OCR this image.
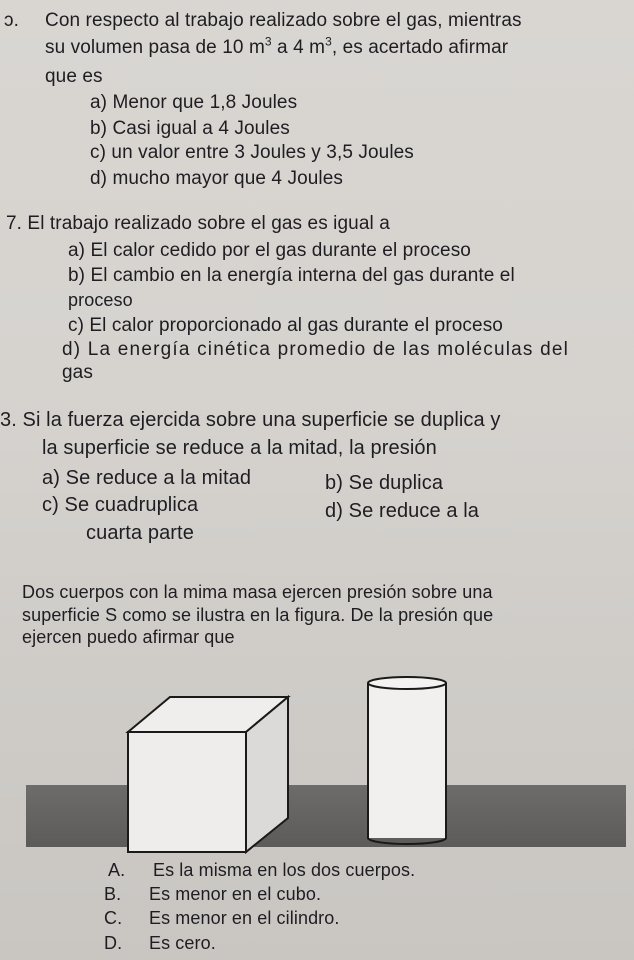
ɔ. Con respecto al trabajo realizado sobre el gas, mientras
su volumen pasa de 10 $m^3$ a 4 $m^3$, es acertado afirmar
que es
a) Menor que 1,8 Joules
b) Casi igual a 4 Joules
c) un valor entre 3 Joules y 3,5 Joules
d) mucho mayor que 4 Joules
7. El trabajo realizado sobre el gas es igual a
a) El calor cedido por el gas durante el proceso
b) El cambio en la energía interna del gas durante el
proceso
c) El calor proporcionado al gas durante el proceso
d) La energía cinética promedio de las moléculas del
gas
3. Si la fuerza ejercida sobre una superficie se duplica y
la superficie se reduce a la mitad, la presión
a) Se reduce a la mitad	b) Se duplica
c) Se cuadruplica	d) Se reduce a la
cuarta parte
Dos cuerpos con la mima masa ejercen presión sobre una
superficie S como se ilustra en la figura. De la presión que
ejercen puedo afirmar que
A. Es la misma en los dos cuerpos.
B. Es menor en el cubo.
C. Es menor en el cilindro.
D. Es cero.
